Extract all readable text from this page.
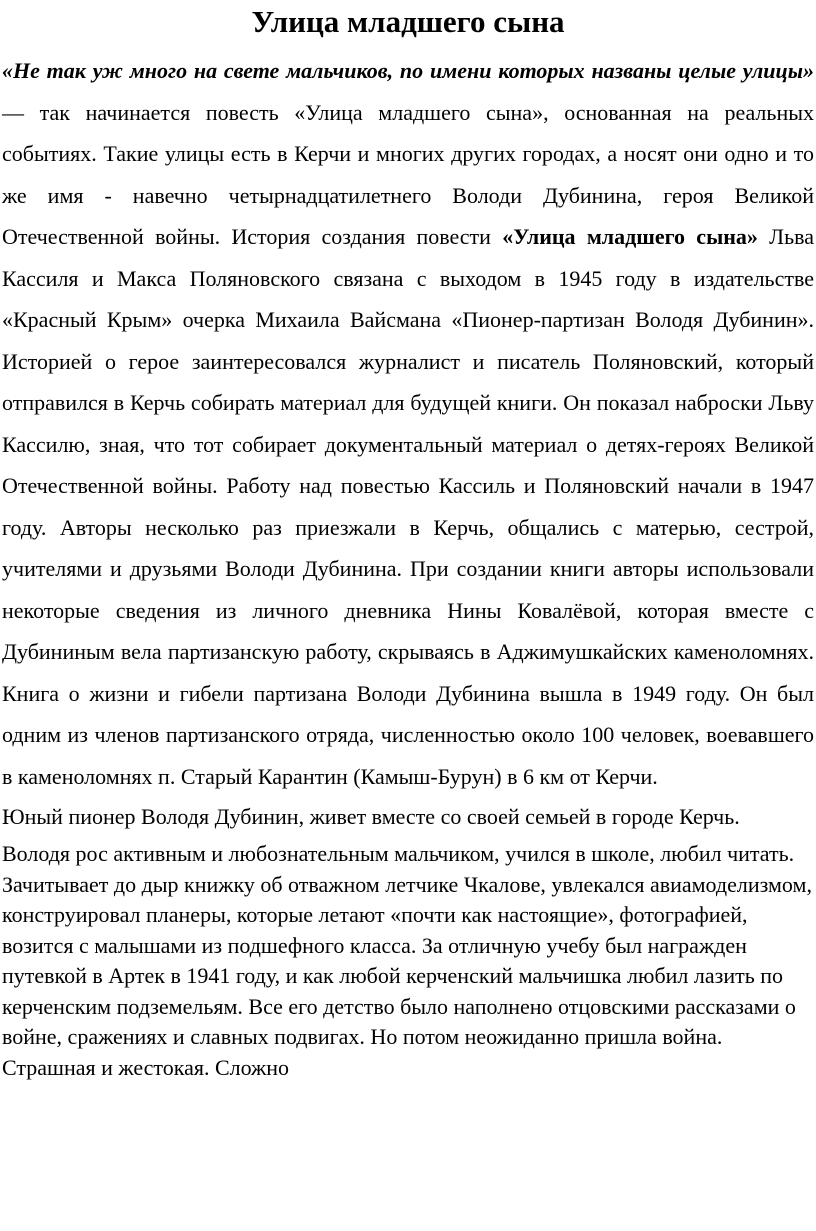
Улица младшего сына

«Не так уж много на свете мальчиков, по имени которых названы целые улицы» — так начинается повесть «Улица младшего сына», основанная на реальных событиях. Такие улицы есть в Керчи и многих других городах, а носят они одно и то же имя - навечно четырнадцатилетнего Володи Дубинина, героя Великой Отечественной войны. История создания повести «Улица младшего сына» Льва Кассиля и Макса Поляновского связана с выходом в 1945 году в издательстве «Красный Крым» очерка Михаила Вайсмана «Пионер-партизан Володя Дубинин». Историей о герое заинтересовался журналист и писатель Поляновский, который отправился в Керчь собирать материал для будущей книги. Он показал наброски Льву Кассилю, зная, что тот собирает документальный материал о детях-героях Великой Отечественной войны. Работу над повестью Кассиль и Поляновский начали в 1947 году. Авторы несколько раз приезжали в Керчь, общались с матерью, сестрой, учителями и друзьями Володи Дубинина. При создании книги авторы использовали некоторые сведения из личного дневника Нины Ковалёвой, которая вместе с Дубининым вела партизанскую работу, скрываясь в Аджимушкайских каменоломнях. Книга о жизни и гибели партизана Володи Дубинина вышла в 1949 году. Он был одним из членов партизанского отряда, численностью около 100 человек, воевавшего в каменоломнях п. Старый Карантин (Камыш-Бурун) в 6 км от Керчи.

Юный пионер Володя Дубинин, живет вместе со своей семьей в городе Керчь.

Володя рос активным и любознательным мальчиком, учился в школе, любил читать. Зачитывает до дыр книжку об отважном летчике Чкалове, увлекался авиамоделизмом, конструировал планеры, которые летают «почти как настоящие», фотографией, возится с малышами из подшефного класса. За отличную учебу был награжден путевкой в Артек в 1941 году, и как любой керченский мальчишка любил лазить по керченским подземельям. Все его детство было наполнено отцовскими рассказами о войне, сражениях и славных подвигах. Но потом неожиданно пришла война. Страшная и жестокая. Сложно
